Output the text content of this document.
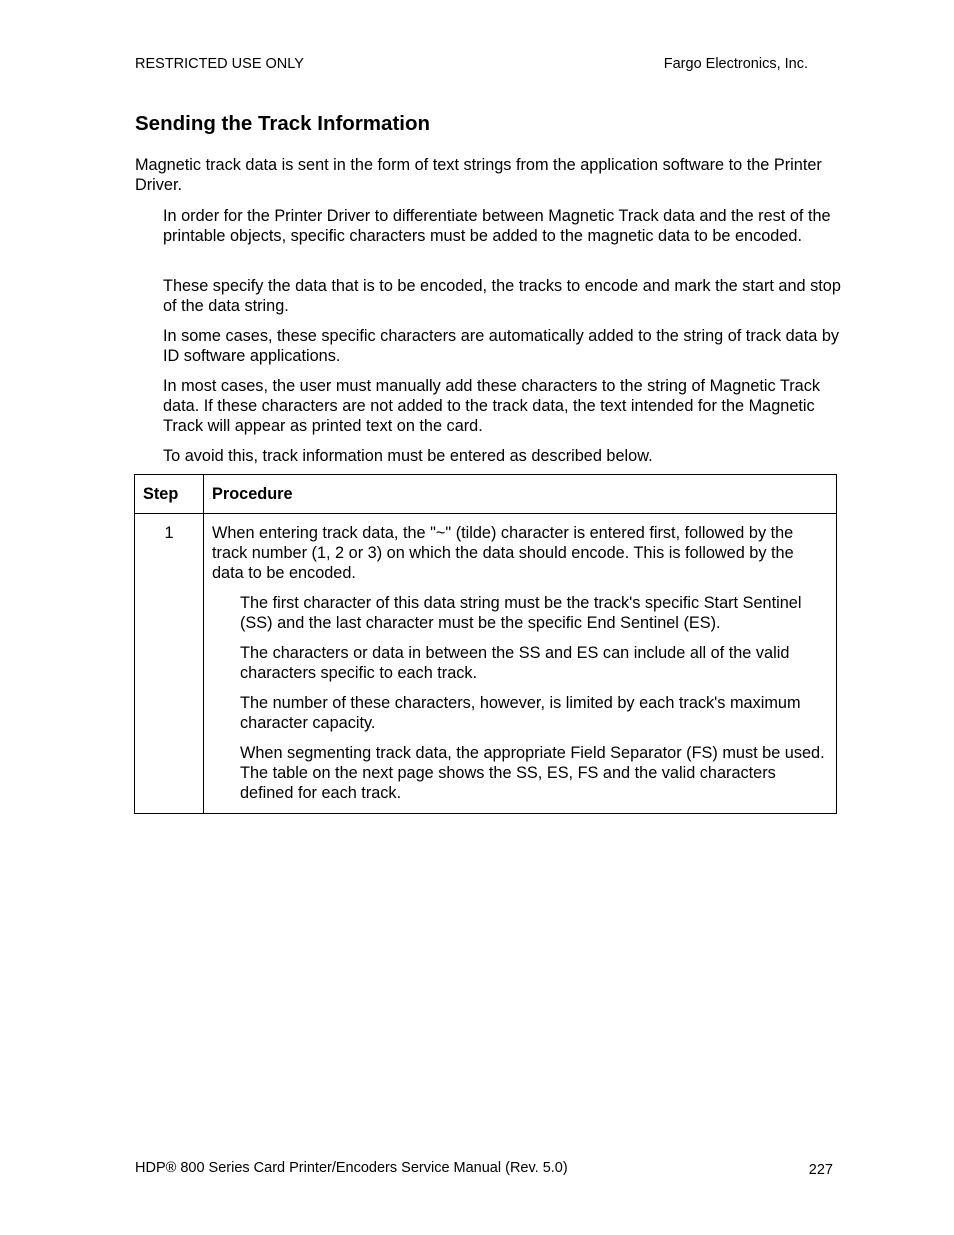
RESTRICTED USE ONLY	Fargo Electronics, Inc.
Sending the Track Information

Magnetic track data is sent in the form of text strings from the application software to the Printer Driver.

In order for the Printer Driver to differentiate between Magnetic Track data and the rest of the printable objects, specific characters must be added to the magnetic data to be encoded.

These specify the data that is to be encoded, the tracks to encode and mark the start and stop of the data string.

In some cases, these specific characters are automatically added to the string of track data by ID software applications.

In most cases, the user must manually add these characters to the string of Magnetic Track data. If these characters are not added to the track data, the text intended for the Magnetic Track will appear as printed text on the card.

To avoid this, track information must be entered as described below.

Step	Procedure
1	When entering track data, the "~" (tilde) character is entered first, followed by the track number (1, 2 or 3) on which the data should encode. This is followed by the data to be encoded.

The first character of this data string must be the track's specific Start Sentinel (SS) and the last character must be the specific End Sentinel (ES).

The characters or data in between the SS and ES can include all of the valid characters specific to each track.

The number of these characters, however, is limited by each track's maximum character capacity.

When segmenting track data, the appropriate Field Separator (FS) must be used. The table on the next page shows the SS, ES, FS and the valid characters defined for each track.

HDP® 800 Series Card Printer/Encoders Service Manual (Rev. 5.0)	227
